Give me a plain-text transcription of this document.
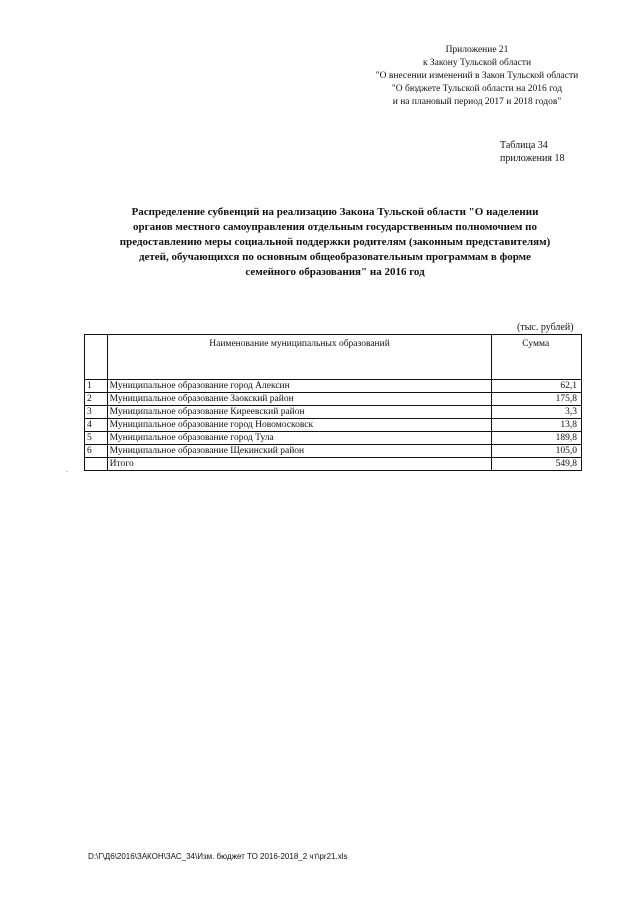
Приложение 21
к Закону Тульской области
"О внесении изменений в Закон Тульской области
"О бюджете Тульской области на 2016 год
и на плановый период 2017 и 2018 годов"
Таблица 34
приложения 18
Распределение субвенций на реализацию Закона Тульской области "О наделении
органов местного самоуправления отдельным государственным полномочием по
предоставлению меры социальной поддержки родителям (законным представителям)
детей, обучающихся по основным общеобразовательным программам в форме
семейного образования" на 2016 год
(тыс. рублей)
	Наименование муниципальных образований	Сумма
1	Муниципальное образование город Алексин	62,1
2	Муниципальное образование Заокский район	175,8
3	Муниципальное образование Киреевский район	3,3
4	Муниципальное образование город Новомосковск	13,8
5	Муниципальное образование город Тула	189,8
6	Муниципальное образование Щекинский район	105,0
	Итого	549,8
.
D:\Г\Д6\2016\ЗАКОН\ЗАС_34\Изм. бюджет ТО 2016-2018_2 чт\pr21.xls
